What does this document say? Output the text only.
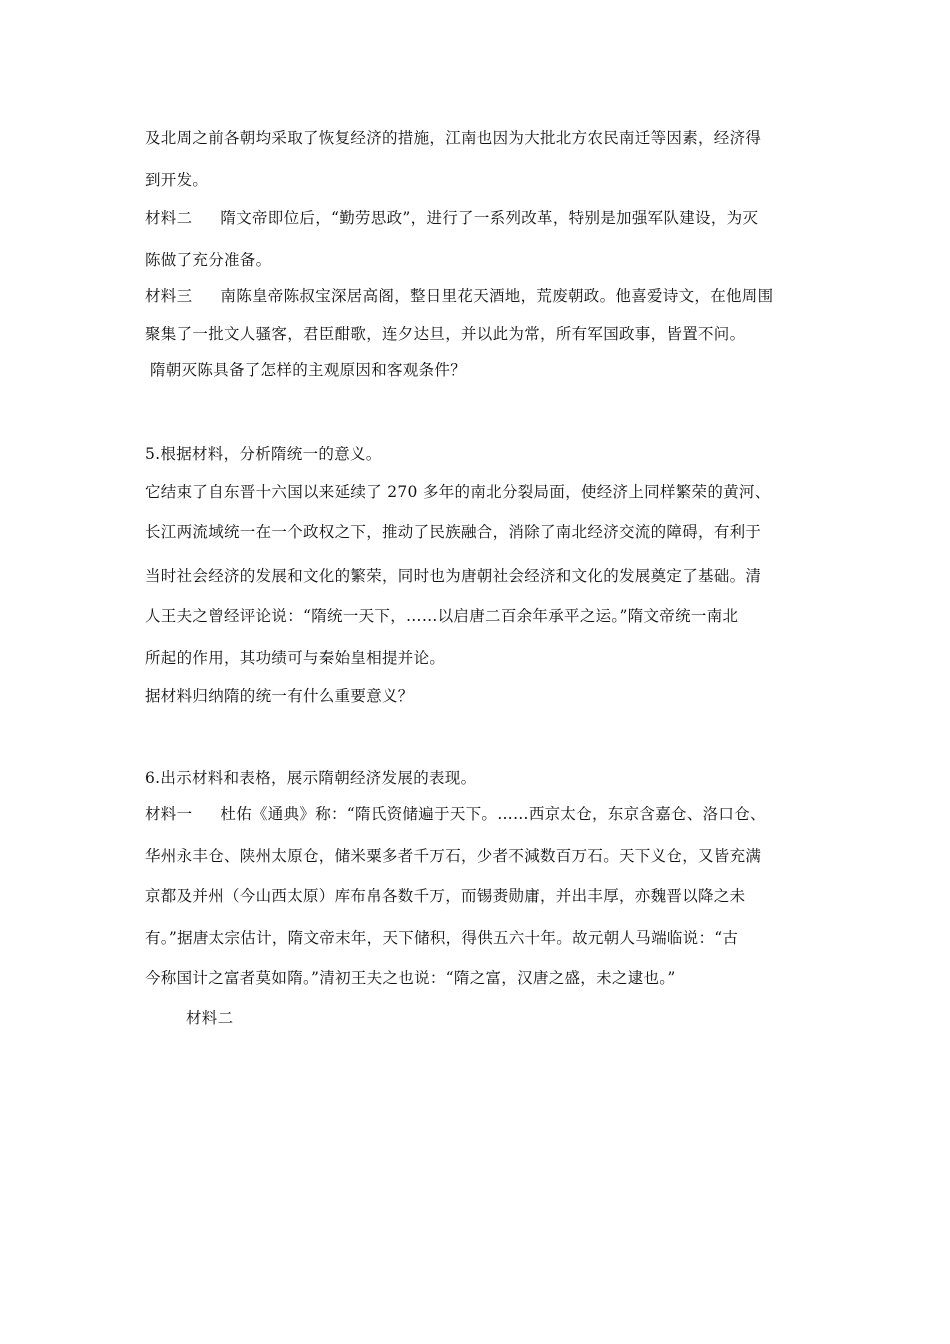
及北周之前各朝均采取了恢复经济的措施，江南也因为大批北方农民南迁等因素，经济得
到开发。
材料二 隋文帝即位后，“勤劳思政”，进行了一系列改革，特别是加强军队建设，为灭
陈做了充分准备。
材料三 南陈皇帝陈叔宝深居高阁，整日里花天酒地，荒废朝政。他喜爱诗文，在他周围
聚集了一批文人骚客，君臣酣歌，连夕达旦，并以此为常，所有军国政事，皆置不问。
隋朝灭陈具备了怎样的主观原因和客观条件？
5.根据材料，分析隋统一的意义。
它结束了自东晋十六国以来延续了 270 多年的南北分裂局面，使经济上同样繁荣的黄河、
长江两流域统一在一个政权之下，推动了民族融合，消除了南北经济交流的障碍，有利于
当时社会经济的发展和文化的繁荣，同时也为唐朝社会经济和文化的发展奠定了基础。清
人王夫之曾经评论说：“隋统一天下，……以启唐二百余年承平之运。”隋文帝统一南北
所起的作用，其功绩可与秦始皇相提并论。
据材料归纳隋的统一有什么重要意义？
6.出示材料和表格，展示隋朝经济发展的表现。
材料一 杜佑《通典》称：“隋氏资储遍于天下。……西京太仓，东京含嘉仓、洛口仓、
华州永丰仓、陕州太原仓，储米粟多者千万石，少者不減数百万石。天下义仓，又皆充满
京都及并州（今山西太原）库布帛各数千万，而锡赉勋庸，并出丰厚，亦魏晋以降之未
有。”据唐太宗估计，隋文帝末年，天下储积，得供五六十年。故元朝人马端临说：“古
今称国计之富者莫如隋。”清初王夫之也说：“隋之富，汉唐之盛，未之逮也。”
材料二
